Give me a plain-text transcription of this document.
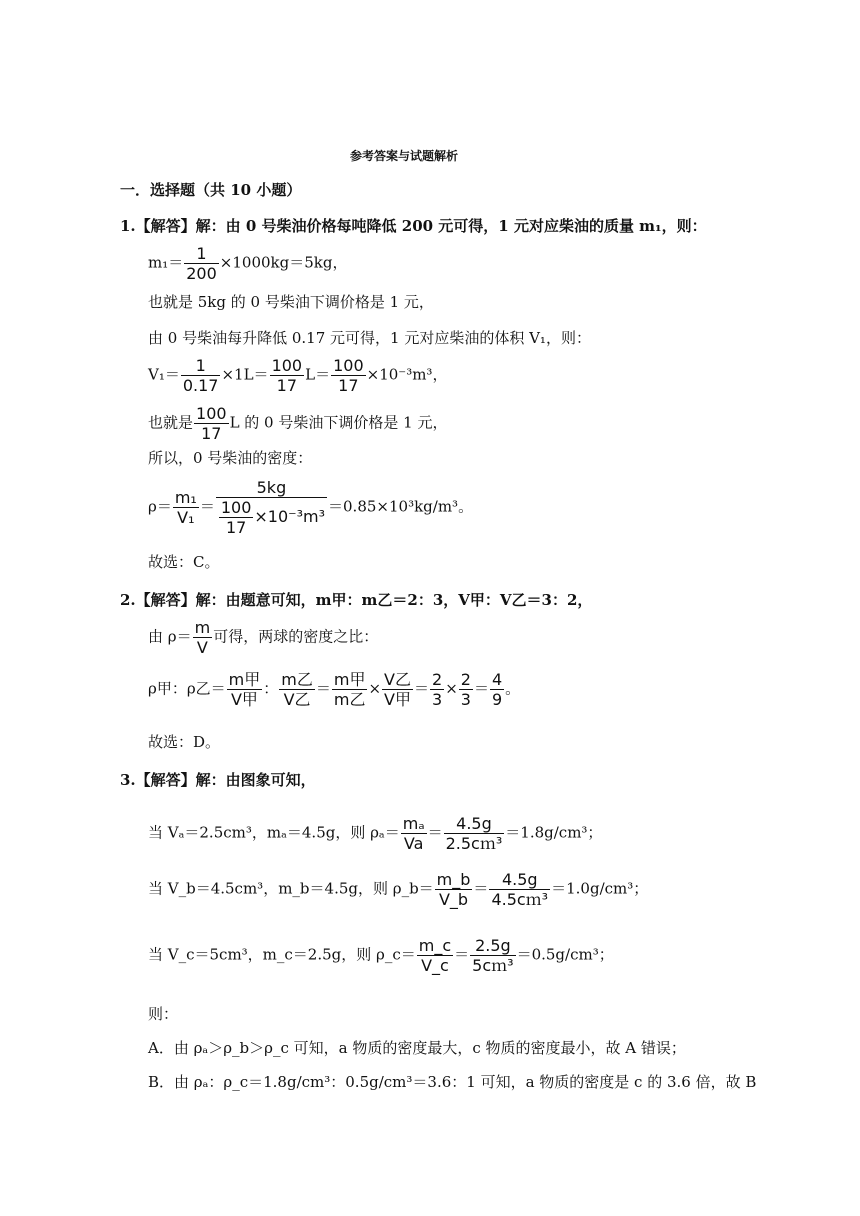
参考答案与试题解析
一．选择题（共 10 小题）
1.【解答】解：由 0 号柴油价格每吨降低 200 元可得，1 元对应柴油的质量 m₁，则：
$m_1= \frac{1}{200} \times 1000kg=5kg$，
也就是 5kg 的 0 号柴油下调价格是 1 元，
由 0 号柴油每升降低 0.17 元可得，1 元对应柴油的体积 V₁，则：
$V_1= \frac{1}{0.17} \times 1L= \frac{100}{17} L= \frac{100}{17} \times 10^{-3}m^3$，
也就是 $\frac{100}{17}$ L 的 0 号柴油下调价格是 1 元，
所以，0 号柴油的密度：
$\rho= \frac{\text{m₁}}{\text{V₁}} = \frac{5kg}{\frac{100}{17} \times 10^{-3}m^3} =0.85\times 10^3kg/m^3$。
故选：C。
2.【解答】解：由题意可知，m甲：m乙＝2：3，V甲：V乙＝3：2，
由 $\rho= \frac{m}{V}$ 可得，两球的密度之比：
ρ甲：ρ乙＝ $\frac{\text{m甲}}{\text{V甲}}$ ： $\frac{\text{m乙}}{\text{V乙}} = \frac{\text{m甲}}{\text{m乙}} \times \frac{\text{V乙}}{\text{V甲}} = \frac{2}{3} \times \frac{2}{3} = \frac{4}{9}$ 。
故选：D。
3.【解答】解：由图象可知，
当 Vₐ＝2.5cm³，mₐ＝4.5g，则 $\rho_a= \frac{\text{mₐ}}{Va} = \frac{4.5g}{\text{2.5cｍ³}} =1.8g/cm^3$；
当 V_b＝4.5cm³，m_b＝4.5g，则 ρ_b＝ $\frac{m\_b}{V\_b} = \frac{4.5g}{\text{4.5cｍ³}} =1.0g/cm^3$；
当 V_c＝5cm³，m_c＝2.5g，则 ρ_c＝ $\frac{m\_c}{V\_c} = \frac{2.5g}{\text{5cｍ³}} =0.5g/cm^3$；
则：
A．由 ρₐ＞ρ_b＞ρ_c 可知，a 物质的密度最大，c 物质的密度最小，故 A 错误；
B．由 ρₐ：ρ_c＝1.8g/cm³：0.5g/cm³＝3.6：1 可知，a 物质的密度是 c 的 3.6 倍，故 B
